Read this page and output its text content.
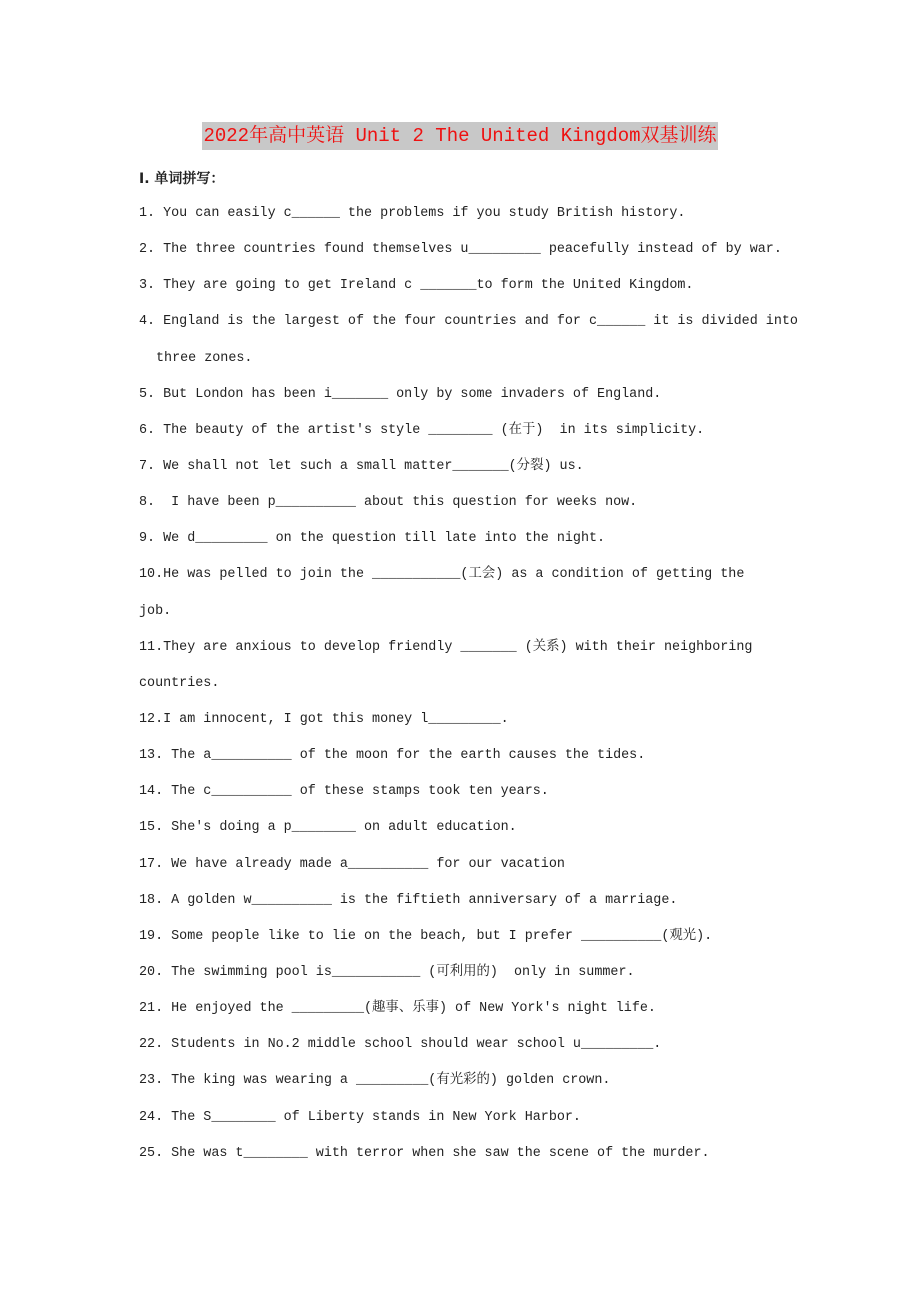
2022年高中英语 Unit 2 The United Kingdom双基训练
I. 单词拼写：
1. You can easily c______ the problems if you study British history.
2. The three countries found themselves u_________ peacefully instead of by war.
3. They are going to get Ireland c _______to form the United Kingdom.
4. England is the largest of the four countries and for c______ it is divided into
three zones.
5. But London has been i_______ only by some invaders of England.
6. The beauty of the artist's style ________ (在于)  in its simplicity.
7. We shall not let such a small matter_______(分裂) us.
8.  I have been p__________ about this question for weeks now.
9. We d_________ on the question till late into the night.
10.He was pelled to join the ___________(工会) as a condition of getting the
job.
11.They are anxious to develop friendly _______ (关系) with their neighboring
countries.
12.I am innocent, I got this money l_________.
13. The a__________ of the moon for the earth causes the tides.
14. The c__________ of these stamps took ten years.
15. She's doing a p________ on adult education.
17. We have already made a__________ for our vacation
18. A golden w__________ is the fiftieth anniversary of a marriage.
19. Some people like to lie on the beach, but I prefer __________(观光).
20. The swimming pool is___________ (可利用的)  only in summer.
21. He enjoyed the _________(趣事、乐事) of New York's night life.
22. Students in No.2 middle school should wear school u_________.
23. The king was wearing a _________(有光彩的) golden crown.
24. The S________ of Liberty stands in New York Harbor.
25. She was t________ with terror when she saw the scene of the murder.
